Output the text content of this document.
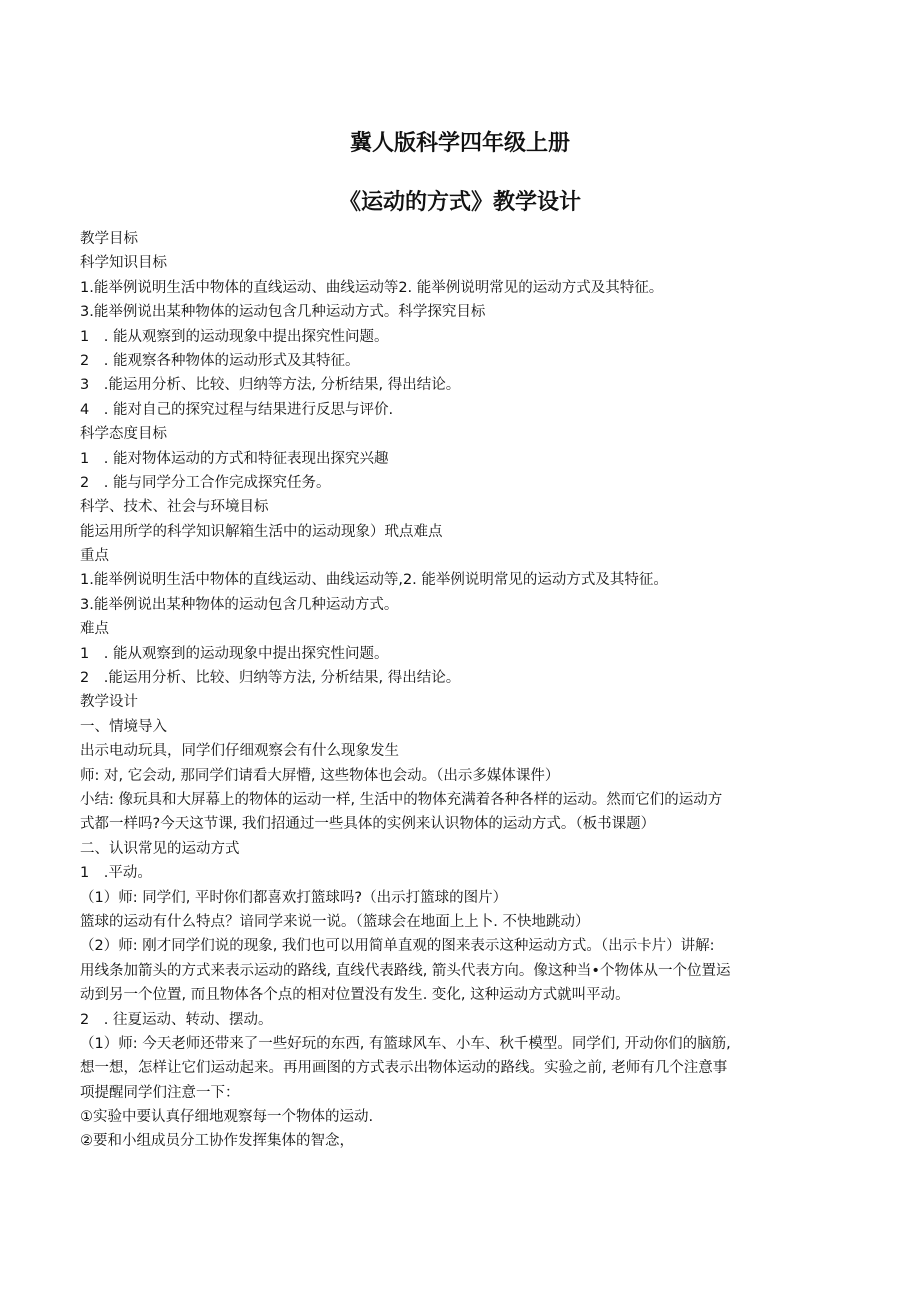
冀人版科学四年级上册
《运动的方式》教学设计
教学目标
科学知识目标
1.能举例说明生活中物体的直线运动、曲线运动等2. 能举例说明常见的运动方式及其特征。
3.能举例说出某种物体的运动包含几种运动方式。科学探究目标
1　. 能从观察到的运动现象中提出探究性问题。
2　. 能观察各种物体的运动形式及其特征。
3　.能运用分析、比较、归纳等方法, 分析结果, 得出结论。
4　. 能对自己的探究过程与结果进行反思与评价.
科学态度目标
1　. 能对物体运动的方式和特征表现出探究兴趣
2　. 能与同学分工合作完成探究任务。
科学、技术、社会与环境目标
能运用所学的科学知识解箱生活中的运动现象）玳点难点
重点
1.能举例说明生活中物体的直线运动、曲线运动等,2. 能举例说明常见的运动方式及其特征。
3.能举例说出某种物体的运动包含几种运动方式。
难点
1　. 能从观察到的运动现象中提出探究性问题。
2　.能运用分析、比较、归纳等方法, 分析结果, 得出结论。
教学设计
一、情境导入
出示电动玩具，同学们仔细观察会有什么现象发生
师: 对, 它会动, 那同学们请看大屏懵, 这些物体也会动。（出示多媒体课件）
小结: 像玩具和大屏幕上的物体的运动一样, 生活中的物体充满着各种各样的运动。然而它们的运动方
式都一样吗?今天这节课, 我们招通过一些具体的实例来认识物体的运动方式。（板书课题）
二、认识常见的运动方式
1　.平动。
（1）师: 同学们, 平时你们都喜欢打篮球吗?（出示打篮球的图片）
篮球的运动有什么特点？谙同学来说一说。（篮球会在地面上上卜. 不快地跳动）
（2）师: 刚才同学们说的现象, 我们也可以用简单直观的图来表示这种运动方式。（出示卡片）讲解:
用线条加箭头的方式来表示运动的路线, 直线代表路线, 箭头代表方向。像这种当•个物体从一个位置运
动到另一个位置, 而且物体各个点的相对位置没有发生. 变化, 这种运动方式就叫平动。
2　. 往夏运动、转动、摆动。
（1）师: 今天老师还带来了一些好玩的东西, 有篮球风车、小车、秋千模型。同学们, 开动你们的脑筋,
想一想，怎样让它们运动起来。再用画图的方式表示出物体运动的路线。实验之前, 老师有几个注意事
项提醒同学们注意一下：
①实验中要认真仔细地观察每一个物体的运动.
②要和小组成员分工协作发挥集体的智念，
